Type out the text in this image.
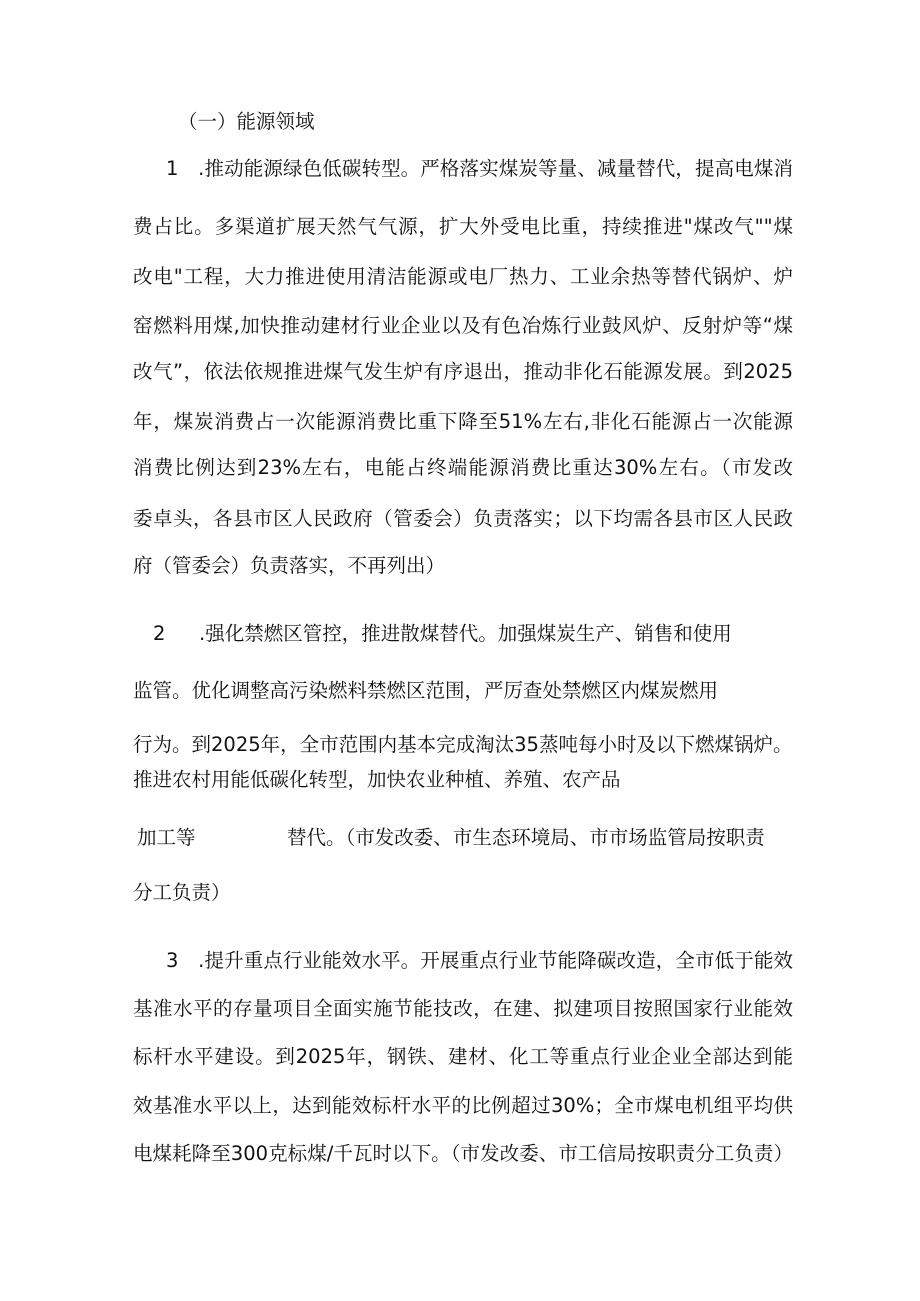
（一）能源领域

1　.推动能源绿色低碳转型。严格落实煤炭等量、减量替代，提高电煤消

费占比。多渠道扩展天然气气源，扩大外受电比重，持续推进"煤改气""煤

改电"工程，大力推进使用清洁能源或电厂热力、工业余热等替代锅炉、炉

窑燃料用煤,加快推动建材行业企业以及有色冶炼行业鼓风炉、反射炉等“煤

改气”，依法依规推进煤气发生炉有序退出，推动非化石能源发展。到2025

年，煤炭消费占一次能源消费比重下降至51%左右,非化石能源占一次能源

消费比例达到23%左右，电能占终端能源消费比重达30%左右。（市发改

委卓头，各县市区人民政府（管委会）负责落实；以下均需各县市区人民政

府（管委会）负责落实，不再列出）

2 .强化禁燃区管控，推进散煤替代。加强煤炭生产、销售和使用

监管。优化调整高污染燃料禁燃区范围，严厉查处禁燃区内煤炭燃用

行为。到2025年，全市范围内基本完成淘汰35蒸吨每小时及以下燃煤锅炉。

推进农村用能低碳化转型，加快农业种植、养殖、农产品

加工等	替代。（市发改委、市生态环境局、市市场监管局按职责

分工负责）

3　.提升重点行业能效水平。开展重点行业节能降碳改造，全市低于能效

基准水平的存量项目全面实施节能技改，在建、拟建项目按照国家行业能效

标杆水平建设。到2025年，钢铁、建材、化工等重点行业企业全部达到能

效基准水平以上，达到能效标杆水平的比例超过30%；全市煤电机组平均供

电煤耗降至300克标煤/千瓦时以下。（市发改委、市工信局按职责分工负责）
